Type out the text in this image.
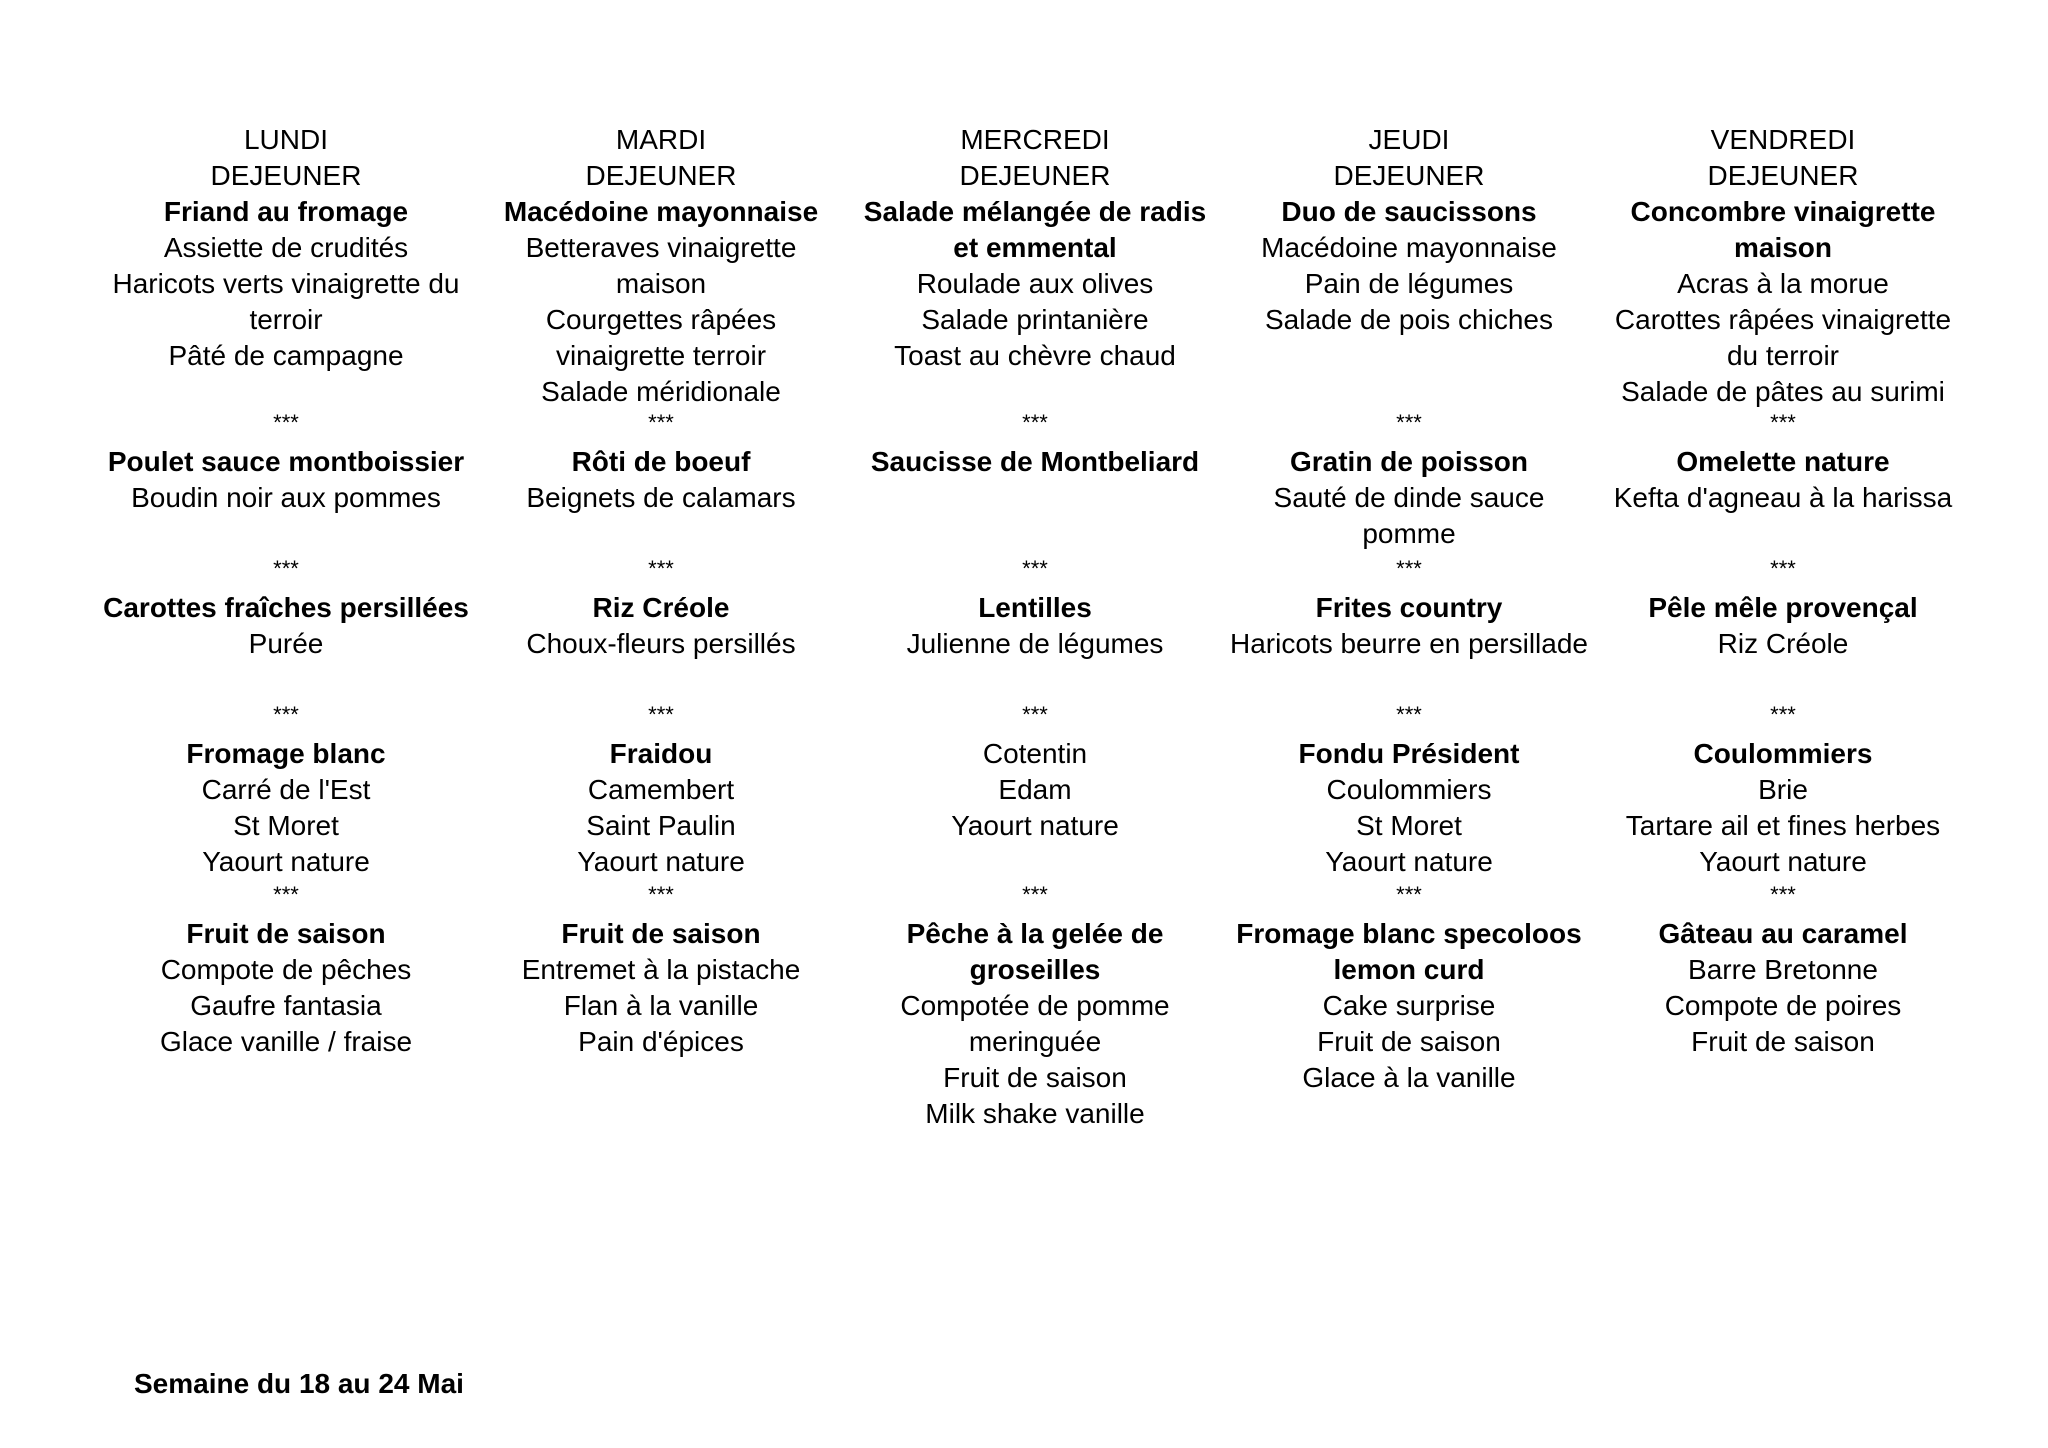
LUNDI
DEJEUNER
Friand au fromage
Assiette de crudités
Haricots verts vinaigrette du terroir
Pâté de campagne
***
Poulet sauce montboissier
Boudin noir aux pommes
***
Carottes fraîches persillées
Purée
***
Fromage blanc
Carré de l'Est
St Moret
Yaourt nature
***
Fruit de saison
Compote de pêches
Gaufre fantasia
Glace vanille / fraise
MARDI
DEJEUNER
Macédoine mayonnaise
Betteraves vinaigrette maison
Courgettes râpées vinaigrette terroir
Salade méridionale
***
Rôti de boeuf
Beignets de calamars
***
Riz Créole
Choux-fleurs persillés
***
Fraidou
Camembert
Saint Paulin
Yaourt nature
***
Fruit de saison
Entremet à la pistache
Flan à la vanille
Pain d'épices
MERCREDI
DEJEUNER
Salade mélangée de radis et emmental
Roulade aux olives
Salade printanière
Toast au chèvre chaud
***
Saucisse de Montbeliard
***
Lentilles
Julienne de légumes
***
Cotentin
Edam
Yaourt nature
***
Pêche à la gelée de groseilles
Compotée de pomme meringuée
Fruit de saison
Milk shake vanille
JEUDI
DEJEUNER
Duo de saucissons
Macédoine mayonnaise
Pain de légumes
Salade de pois chiches
***
Gratin de poisson
Sauté de dinde sauce pomme
***
Frites country
Haricots beurre en persillade
***
Fondu Président
Coulommiers
St Moret
Yaourt nature
***
Fromage blanc specoloos lemon curd
Cake surprise
Fruit de saison
Glace à la vanille
VENDREDI
DEJEUNER
Concombre vinaigrette maison
Acras à la morue
Carottes râpées vinaigrette du terroir
Salade de pâtes au surimi
***
Omelette nature
Kefta d'agneau à la harissa
***
Pêle mêle provençal
Riz Créole
***
Coulommiers
Brie
Tartare ail et fines herbes
Yaourt nature
***
Gâteau au caramel
Barre Bretonne
Compote de poires
Fruit de saison
Semaine du 18 au 24 Mai
